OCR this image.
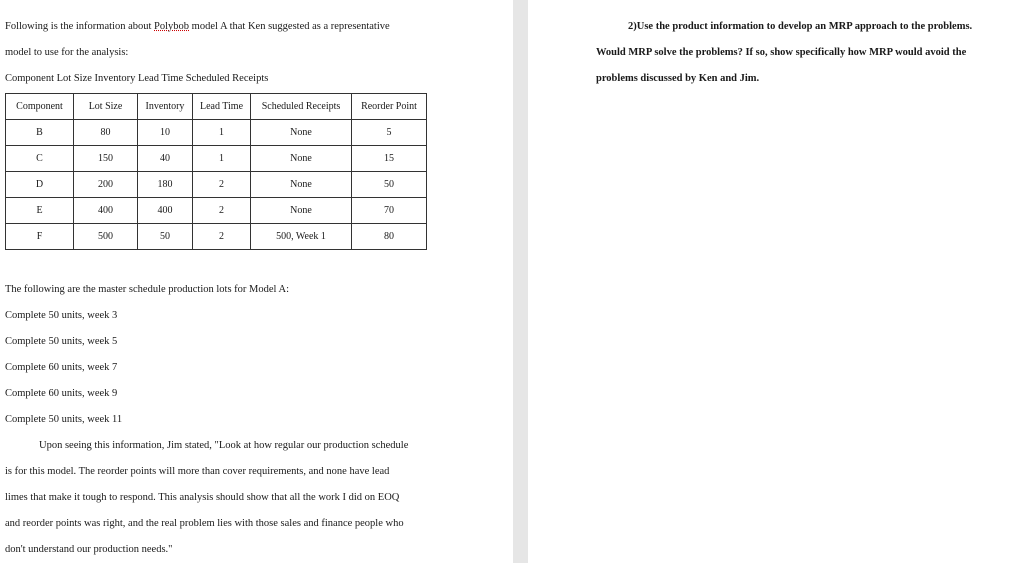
Following is the information about Polybob model A that Ken suggested as a representative
model to use for the analysis:
Component Lot Size Inventory Lead Time Scheduled Receipts
Component	Lot Size	Inventory	Lead Time	Scheduled Receipts	Reorder Point
B	80	10	1	None	5
C	150	40	1	None	15
D	200	180	2	None	50
E	400	400	2	None	70
F	500	50	2	500, Week 1	80
The following are the master schedule production lots for Model A:
Complete 50 units, week 3
Complete 50 units, week 5
Complete 60 units, week 7
Complete 60 units, week 9
Complete 50 units, week 11
Upon seeing this information, Jim stated, "Look at how regular our production schedule
is for this model. The reorder points will more than cover requirements, and none have lead
limes that make it tough to respond. This analysis should show that all the work I did on EOQ
and reorder points was right, and the real problem lies with those sales and finance people who
don't understand our production needs."
2)Use the product information to develop an MRP approach to the problems.
Would MRP solve the problems? If so, show specifically how MRP would avoid the
problems discussed by Ken and Jim.
